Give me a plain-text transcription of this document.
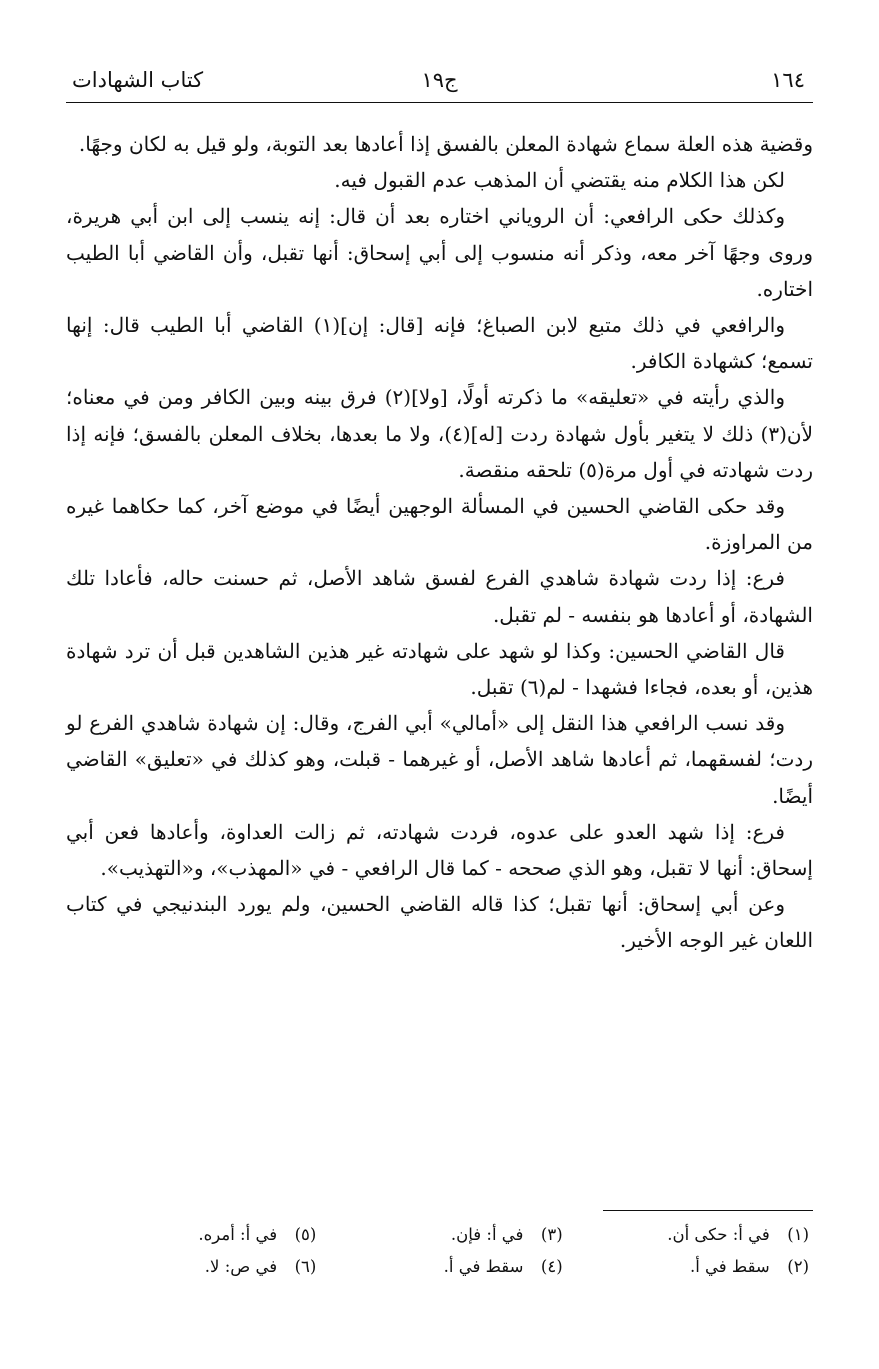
١٦٤
ج١٩
كتاب الشهادات

وقضية هذه العلة سماع شهادة المعلن بالفسق إذا أعادها بعد التوبة، ولو قيل به لكان وجهًا.

لكن هذا الكلام منه يقتضي أن المذهب عدم القبول فيه.

وكذلك حكى الرافعي: أن الروياني اختاره بعد أن قال: إنه ينسب إلى ابن أبي هريرة، وروى وجهًا آخر معه، وذكر أنه منسوب إلى أبي إسحاق: أنها تقبل، وأن القاضي أبا الطيب اختاره.

والرافعي في ذلك متبع لابن الصباغ؛ فإنه [قال: إن](١) القاضي أبا الطيب قال: إنها تسمع؛ كشهادة الكافر.

والذي رأيته في «تعليقه» ما ذكرته أولًا، [ولا](٢) فرق بينه وبين الكافر ومن في معناه؛ لأن(٣) ذلك لا يتغير بأول شهادة ردت [له](٤)، ولا ما بعدها، بخلاف المعلن بالفسق؛ فإنه إذا ردت شهادته في أول مرة(٥) تلحقه منقصة.

وقد حكى القاضي الحسين في المسألة الوجهين أيضًا في موضع آخر، كما حكاهما غيره من المراوزة.

فرع: إذا ردت شهادة شاهدي الفرع لفسق شاهد الأصل، ثم حسنت حاله، فأعادا تلك الشهادة، أو أعادها هو بنفسه - لم تقبل.

قال القاضي الحسين: وكذا لو شهد على شهادته غير هذين الشاهدين قبل أن ترد شهادة هذين، أو بعده، فجاءا فشهدا - لم(٦) تقبل.

وقد نسب الرافعي هذا النقل إلى «أمالي» أبي الفرج، وقال: إن شهادة شاهدي الفرع لو ردت؛ لفسقهما، ثم أعادها شاهد الأصل، أو غيرهما - قبلت، وهو كذلك في «تعليق» القاضي أيضًا.

فرع: إذا شهد العدو على عدوه، فردت شهادته، ثم زالت العداوة، وأعادها فعن أبي إسحاق: أنها لا تقبل، وهو الذي صححه - كما قال الرافعي - في «المهذب»، و«التهذيب».

وعن أبي إسحاق: أنها تقبل؛ كذا قاله القاضي الحسين، ولم يورد البندنيجي في كتاب اللعان غير الوجه الأخير.

(١) في أ: حكى أن.
(٣) في أ: فإن.
(٥) في أ: أمره.
(٢) سقط في أ.
(٤) سقط في أ.
(٦) في ص: لا.
